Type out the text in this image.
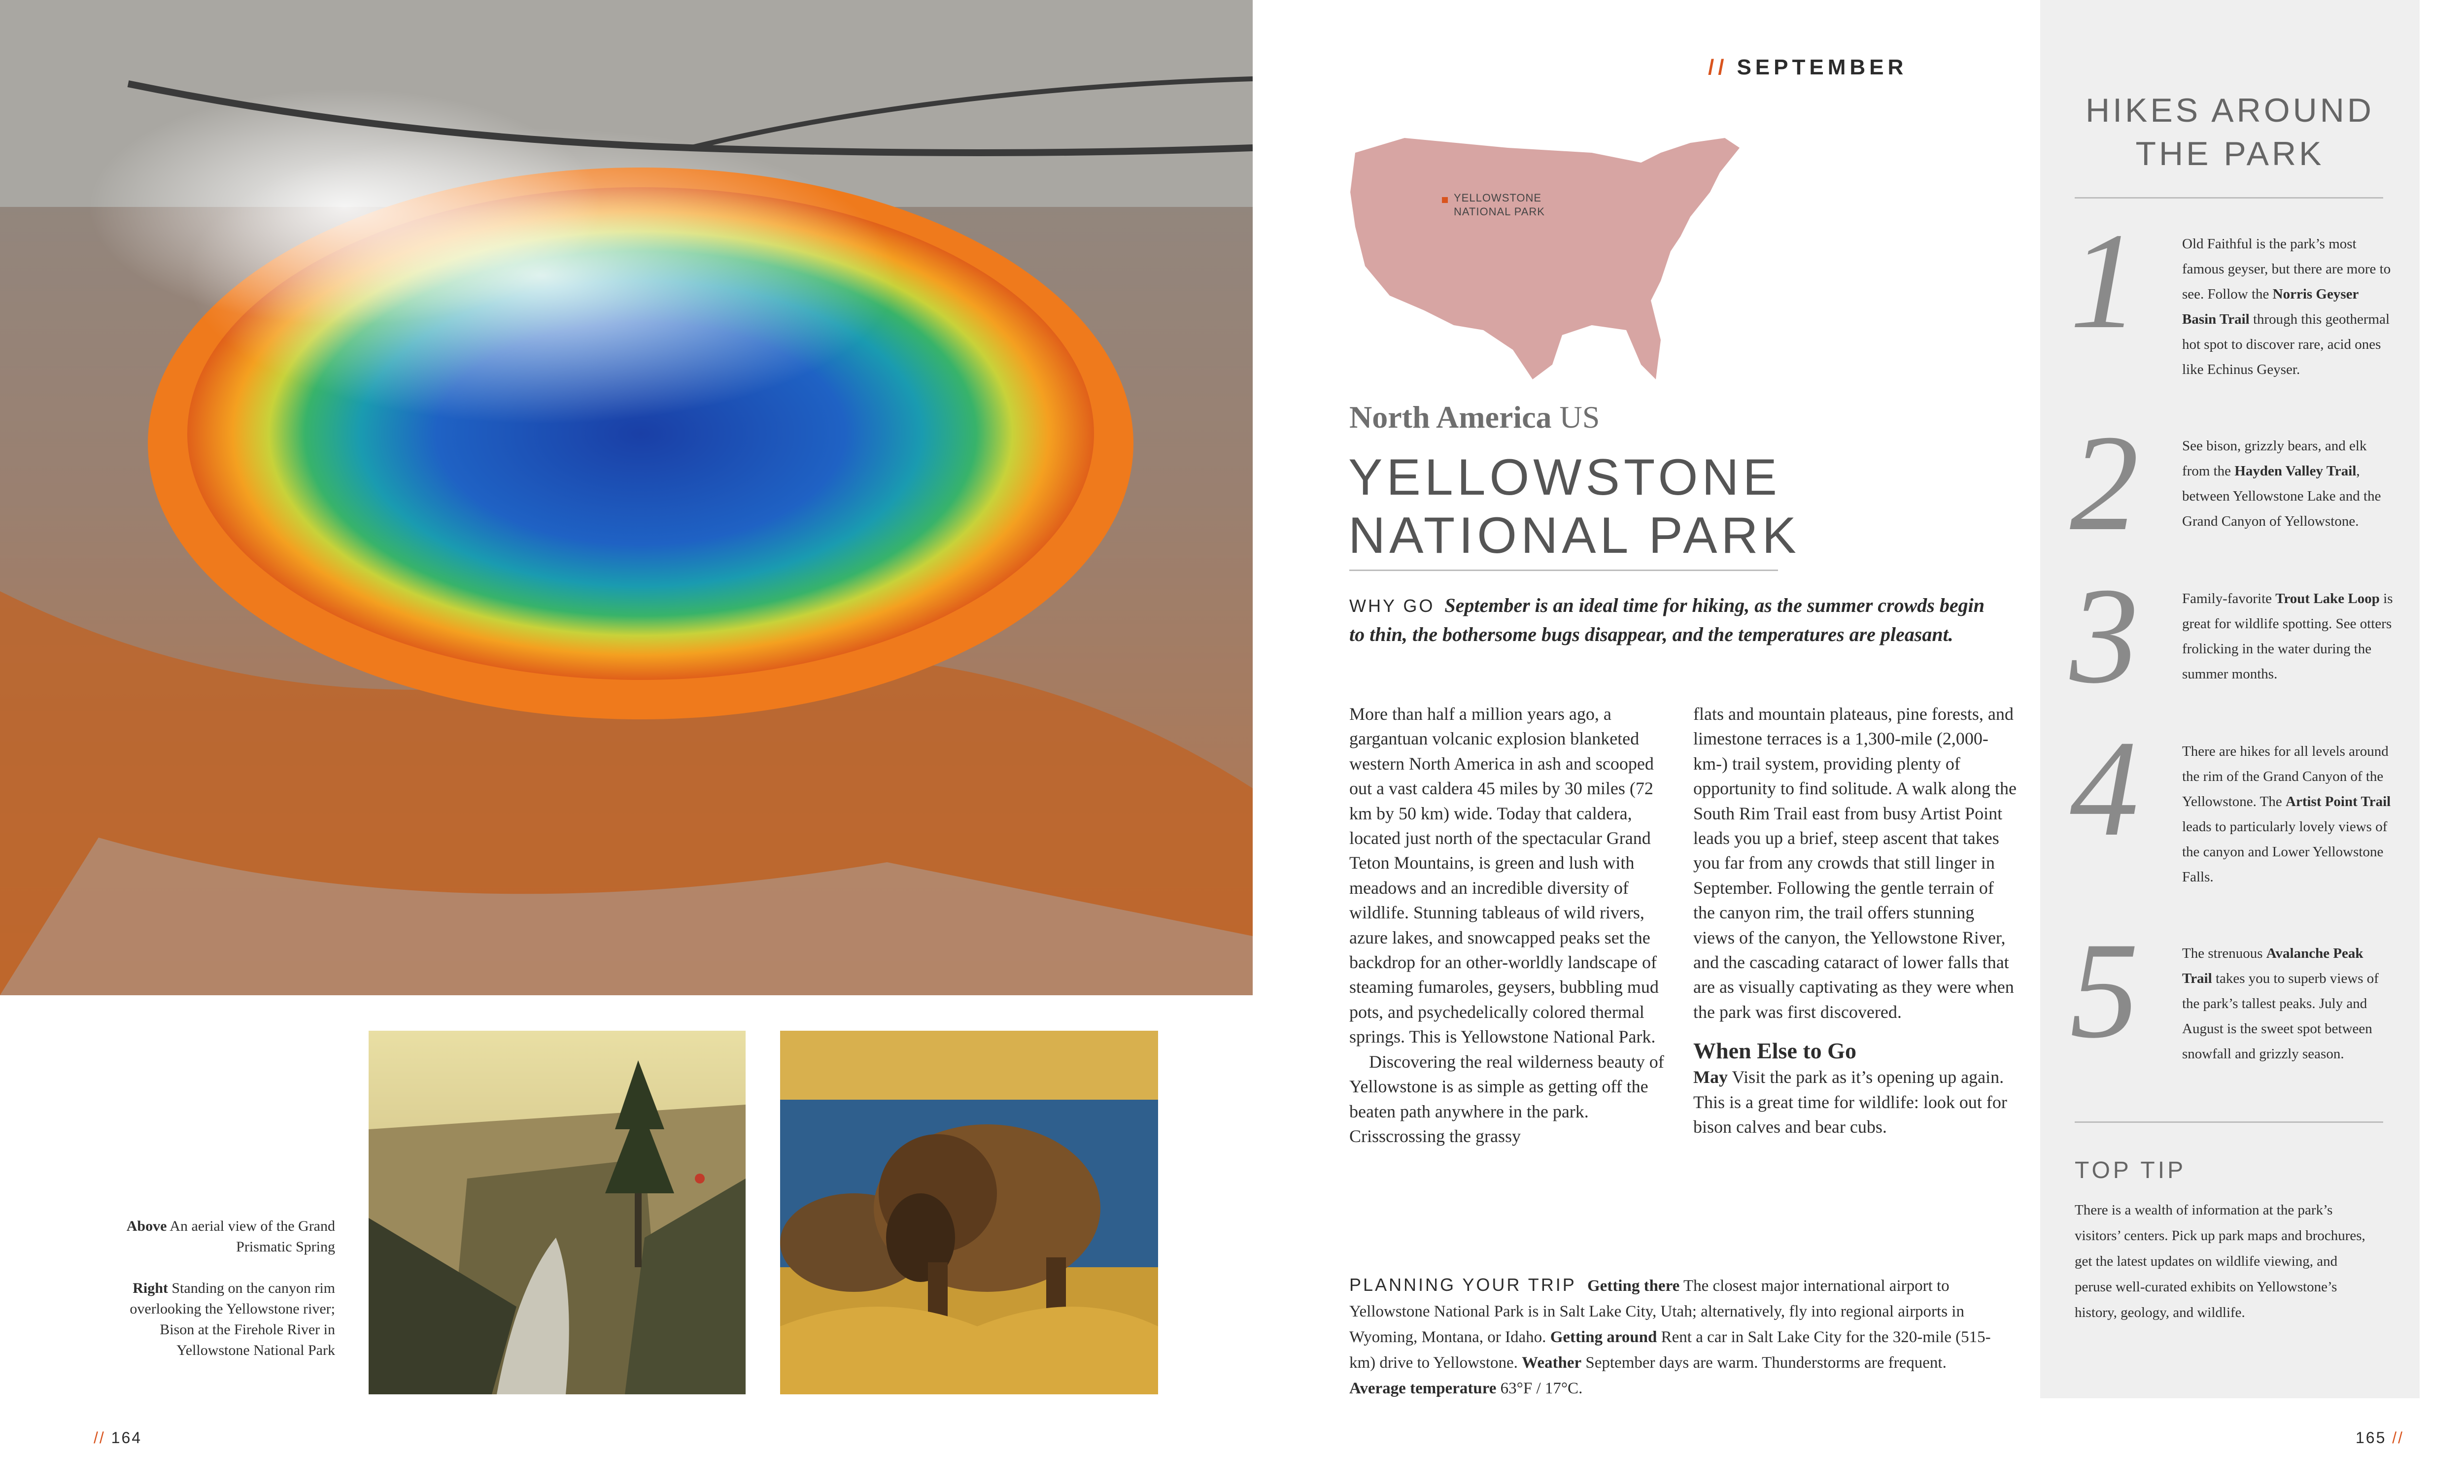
Above An aerial view of the Grand Prismatic Spring

Right Standing on the canyon rim overlooking the Yellowstone river; Bison at the Firehole River in Yellowstone National Park

// 164
// SEPTEMBER
YELLOWSTONE
NATIONAL PARK
North America US
YELLOWSTONE
NATIONAL PARK
WHY GO September is an ideal time for hiking, as the summer crowds begin to thin, the bothersome bugs disappear, and the temperatures are pleasant.

More than half a million years ago, a gargantuan volcanic explosion blanketed western North America in ash and scooped out a vast caldera 45 miles by 30 miles (72 km by 50 km) wide. Today that caldera, located just north of the spectacular Grand Teton Mountains, is green and lush with meadows and an incredible diversity of wildlife. Stunning tableaus of wild rivers, azure lakes, and snowcapped peaks set the backdrop for an other-worldly landscape of steaming fumaroles, geysers, bubbling mud pots, and psychedelically colored thermal springs. This is Yellowstone National Park.

Discovering the real wilderness beauty of Yellowstone is as simple as getting off the beaten path anywhere in the park. Crisscrossing the grassy

flats and mountain plateaus, pine forests, and limestone terraces is a 1,300-mile (2,000-km-) trail system, providing plenty of opportunity to find solitude. A walk along the South Rim Trail east from busy Artist Point leads you up a brief, steep ascent that takes you far from any crowds that still linger in September. Following the gentle terrain of the canyon rim, the trail offers stunning views of the canyon, the Yellowstone River, and the cascading cataract of lower falls that are as visually captivating as they were when the park was first discovered.

When Else to Go
May Visit the park as it’s opening up again. This is a great time for wildlife: look out for bison calves and bear cubs.
PLANNING YOUR TRIP Getting there The closest major international airport to Yellowstone National Park is in Salt Lake City, Utah; alternatively, fly into regional airports in Wyoming, Montana, or Idaho. Getting around Rent a car in Salt Lake City for the 320-mile (515-km) drive to Yellowstone. Weather September days are warm. Thunderstorms are frequent. Average temperature 63°F / 17°C.
HIKES AROUND
THE PARK
1	Old Faithful is the park’s most famous geyser, but there are more to see. Follow the Norris Geyser Basin Trail through this geothermal hot spot to discover rare, acid ones like Echinus Geyser.
2	See bison, grizzly bears, and elk from the Hayden Valley Trail, between Yellowstone Lake and the Grand Canyon of Yellowstone.
3	Family-favorite Trout Lake Loop is great for wildlife spotting. See otters frolicking in the water during the summer months.
4	There are hikes for all levels around the rim of the Grand Canyon of the Yellowstone. The Artist Point Trail leads to particularly lovely views of the canyon and Lower Yellowstone Falls.
5	The strenuous Avalanche Peak Trail takes you to superb views of the park’s tallest peaks. July and August is the sweet spot between snowfall and grizzly season.
TOP TIP
There is a wealth of information at the park’s visitors’ centers. Pick up park maps and brochures, get the latest updates on wildlife viewing, and peruse well-curated exhibits on Yellowstone’s history, geology, and wildlife.
165 //
